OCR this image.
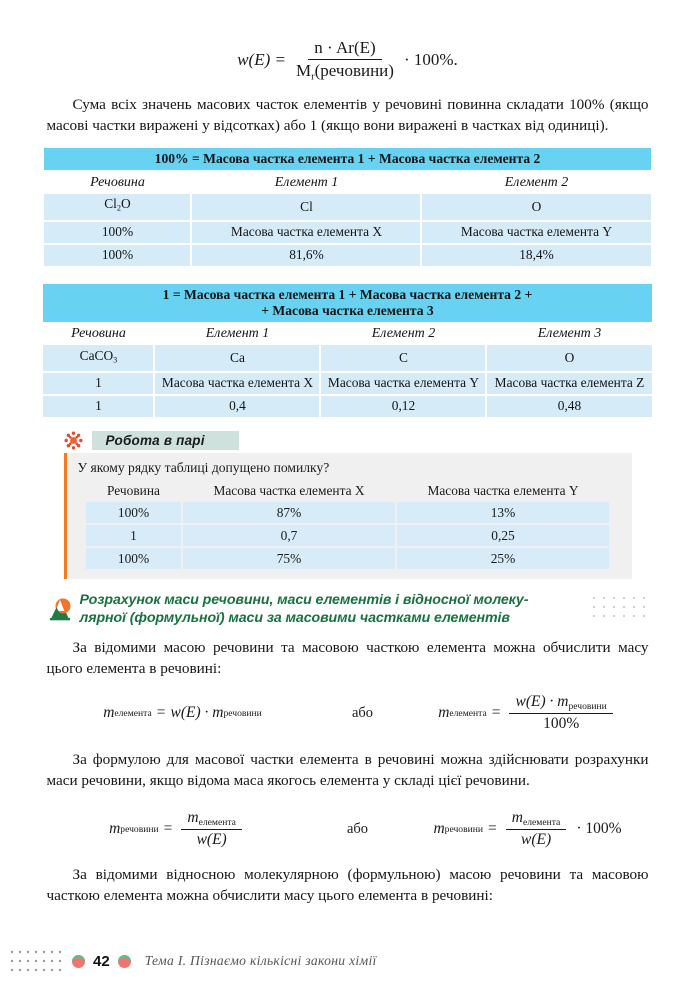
$w(E) = \frac{n \cdot Ar(E)}{M_r(речовини)} \cdot 100\%$.

Сума всіх значень масових часток елементів у речовині повинна складати 100% (якщо масові частки виражені у відсотках) або 1 (якщо вони виражені в частках від одиниці).

100% = Масова частка елемента 1 + Масова частка елемента 2		
Речовина	Елемент 1	Елемент 2
$Cl_2O$	Cl	O
100%	Масова частка елемента X	Масова частка елемента Y
100%	81,6%	18,4%
1 = Масова частка елемента 1 + Масова частка елемента 2 +
+ Масова частка елемента 3			
Речовина	Елемент 1	Елемент 2	Елемент 3
CaCO$_3$	Ca	C	O
1	Масова частка елемента X	Масова частка елемента Y	Масова частка елемента Z
1	0,4	0,12	0,48
Робота в парі

У якому рядку таблиці допущено помилку?

Речовина	Масова частка елемента X	Масова частка елемента Y
100%	87%	13%
1	0,7	0,25
100%	75%	25%
Розрахунок маси речовини, маси елементів і відносної молеку-
лярної (формульної) маси за масовими частками елементів

За відомими масою речовини та масовою часткою елемента можна обчислити масу цього елемента в речовині:

m елемента = w(E) · m речовини	або	m елемента = $\frac{w(E) \cdot m_{речовини}}{100\%}$

За формулою для масової частки елемента в речовині можна здійснювати розрахунки маси речовини, якщо відома маса якогось елемента у складі цієї речовини.

m речовини = $\frac{m_{елемента}}{w(E)}$	або	m речовини = $\frac{m_{елемента}}{w(E)} \cdot 100\%$

За відомими відносною молекулярною (формульною) масою речовини та масовою часткою елемента можна обчислити масу цього елемента в речовині:

42	Тема I. Пізнаємо кількісні закони хімії
